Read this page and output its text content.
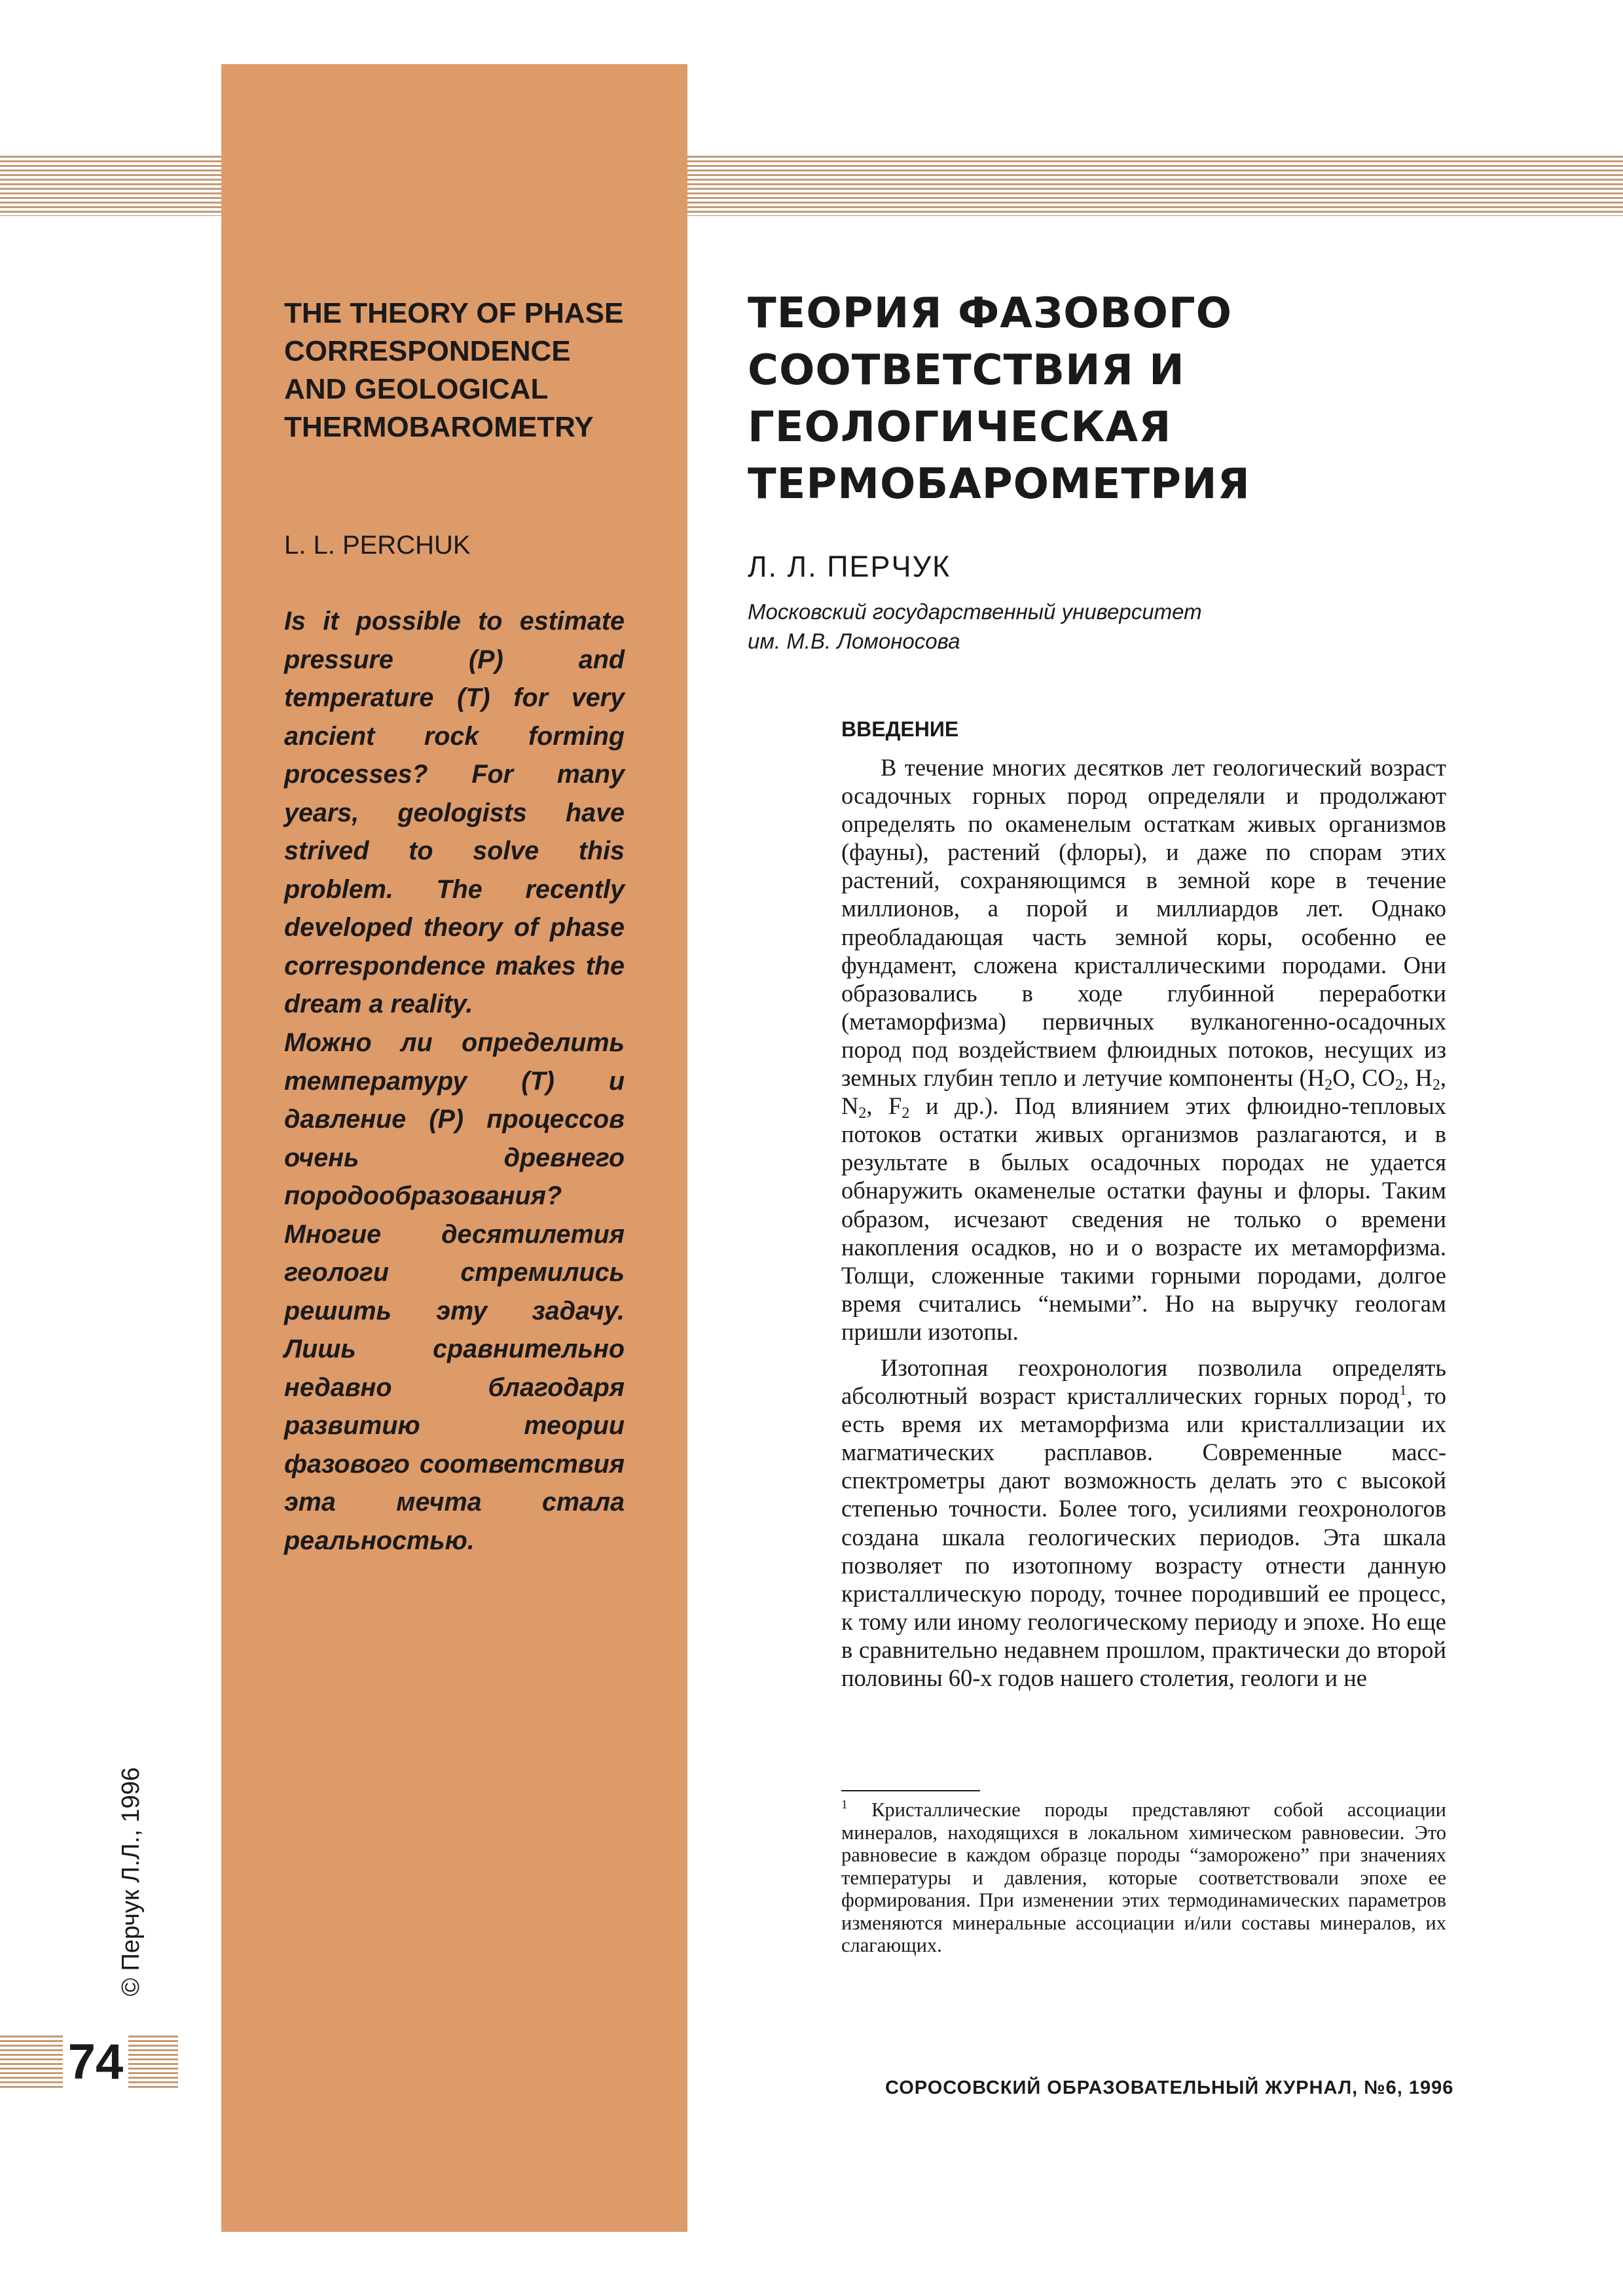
THE THEORY OF PHASE CORRESPONDENCE AND GEOLOGICAL THERMOBAROMETRY

L. L. PERCHUK

Is it possible to estimate pressure (P) and temperature (T) for very ancient rock forming processes? For many years, geologists have strived to solve this problem. The recently developed theory of phase correspondence makes the dream a reality.

Можно ли определить температуру (T) и давление (P) процессов очень древнего породообразования? Многие десятилетия геологи стремились решить эту задачу. Лишь сравнительно недавно благодаря развитию теории фазового соответствия эта мечта стала реальностью.

ТЕОРИЯ ФАЗОВОГО СООТВЕТСТВИЯ И ГЕОЛОГИЧЕСКАЯ ТЕРМОБАРОМЕТРИЯ

Л. Л. ПЕРЧУК

Московский государственный университет
им. М.В. Ломоносова
ВВЕДЕНИЕ

В течение многих десятков лет геологический возраст осадочных горных пород определяли и продолжают определять по окаменелым остаткам живых организмов (фауны), растений (флоры), и даже по спорам этих растений, сохраняющимся в земной коре в течение миллионов, а порой и миллиардов лет. Однако преобладающая часть земной коры, особенно ее фундамент, сложена кристаллическими породами. Они образовались в ходе глубинной переработки (метаморфизма) первичных вулканогенно-осадочных пород под воздействием флюидных потоков, несущих из земных глубин тепло и летучие компоненты ($H_2O$, $CO_2$, $H_2$, $N_2$, $F_2$ и др.). Под влиянием этих флюидно-тепловых потоков остатки живых организмов разлагаются, и в результате в былых осадочных породах не удается обнаружить окаменелые остатки фауны и флоры. Таким образом, исчезают сведения не только о времени накопления осадков, но и о возрасте их метаморфизма. Толщи, сложенные такими горными породами, долгое время считались “немыми”. Но на выручку геологам пришли изотопы.

Изотопная геохронология позволила определять абсолютный возраст кристаллических горных пород$^1$, то есть время их метаморфизма или кристаллизации их магматических расплавов. Современные масс-спектрометры дают возможность делать это с высокой степенью точности. Более того, усилиями геохронологов создана шкала геологических периодов. Эта шкала позволяет по изотопному возрасту отнести данную кристаллическую породу, точнее породивший ее процесс, к тому или иному геологическому периоду и эпохе. Но еще в сравнительно недавнем прошлом, практически до второй половины 60-х годов нашего столетия, геологи и не

$^1$ Кристаллические породы представляют собой ассоциации минералов, находящихся в локальном химическом равновесии. Это равновесие в каждом образце породы “заморожено” при значениях температуры и давления, которые соответствовали эпохе ее формирования. При изменении этих термодинамических параметров изменяются минеральные ассоциации и/или составы минералов, их слагающих.

© Перчук Л.Л., 1996
74	СОРОСОВСКИЙ ОБРАЗОВАТЕЛЬНЫЙ ЖУРНАЛ, №6, 1996
